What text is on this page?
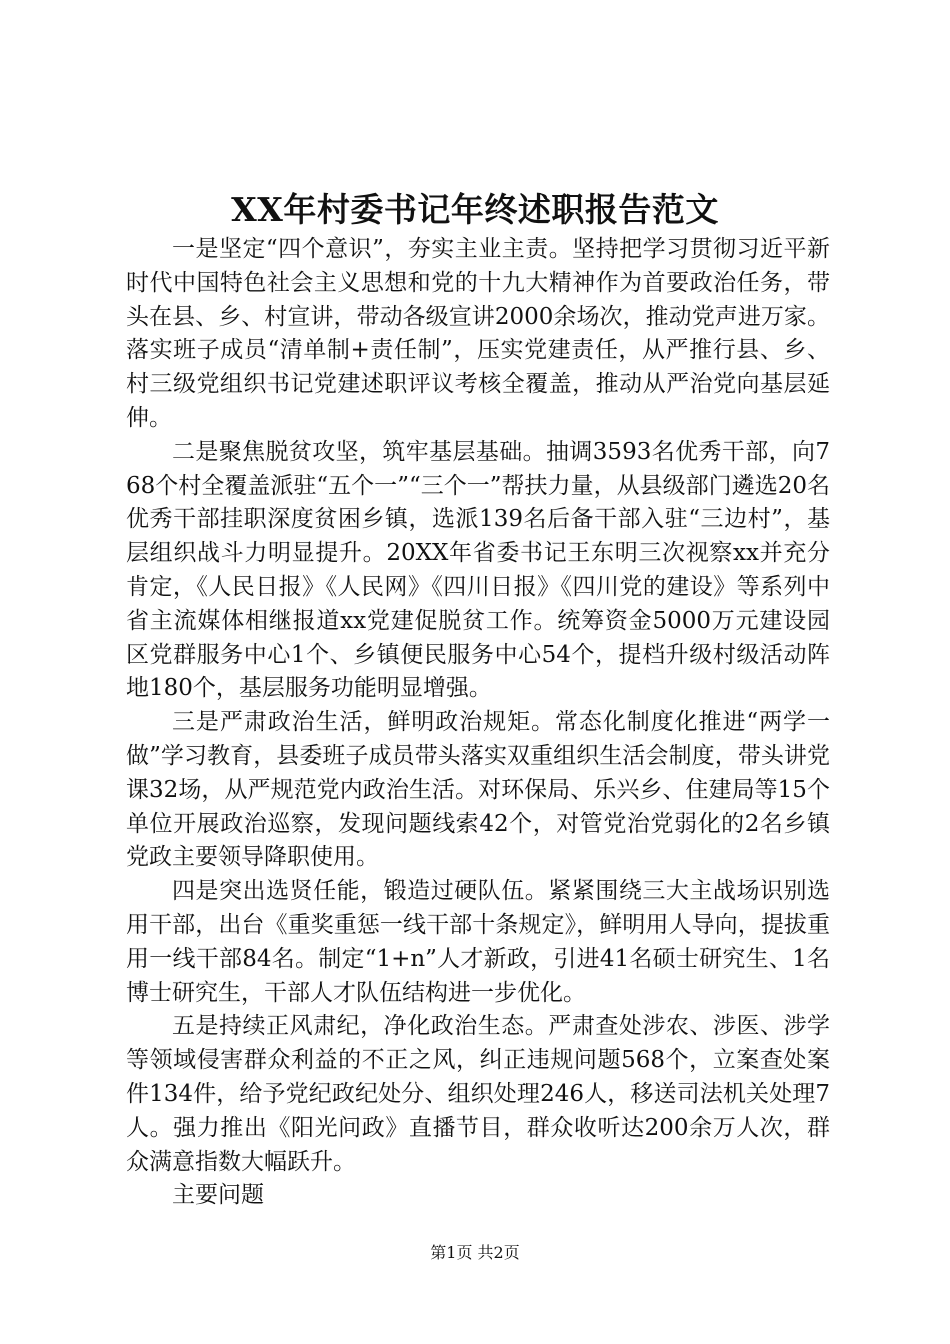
XX年村委书记年终述职报告范文

一是坚定“四个意识”，夯实主业主责。坚持把学习贯彻习近平新时代中国特色社会主义思想和党的十九大精神作为首要政治任务，带头在县、乡、村宣讲，带动各级宣讲2000余场次，推动党声进万家。落实班子成员“清单制+责任制”，压实党建责任，从严推行县、乡、村三级党组织书记党建述职评议考核全覆盖，推动从严治党向基层延伸。

二是聚焦脱贫攻坚，筑牢基层基础。抽调3593名优秀干部，向768个村全覆盖派驻“五个一”“三个一”帮扶力量，从县级部门遴选20名优秀干部挂职深度贫困乡镇，选派139名后备干部入驻“三边村”，基层组织战斗力明显提升。20XX年省委书记王东明三次视察xx并充分肯定，《人民日报》《人民网》《四川日报》《四川党的建设》等系列中省主流媒体相继报道xx党建促脱贫工作。统筹资金5000万元建设园区党群服务中心1个、乡镇便民服务中心54个，提档升级村级活动阵地180个，基层服务功能明显增强。

三是严肃政治生活，鲜明政治规矩。常态化制度化推进“两学一做”学习教育，县委班子成员带头落实双重组织生活会制度，带头讲党课32场，从严规范党内政治生活。对环保局、乐兴乡、住建局等15个单位开展政治巡察，发现问题线索42个，对管党治党弱化的2名乡镇党政主要领导降职使用。

四是突出选贤任能，锻造过硬队伍。紧紧围绕三大主战场识别选用干部，出台《重奖重惩一线干部十条规定》，鲜明用人导向，提拔重用一线干部84名。制定“1+n”人才新政，引进41名硕士研究生、1名博士研究生，干部人才队伍结构进一步优化。

五是持续正风肃纪，净化政治生态。严肃查处涉农、涉医、涉学等领域侵害群众利益的不正之风，纠正违规问题568个，立案查处案件134件，给予党纪政纪处分、组织处理246人，移送司法机关处理7人。强力推出《阳光问政》直播节目，群众收听达200余万人次，群众满意指数大幅跃升。

主要问题

第1页 共2页
